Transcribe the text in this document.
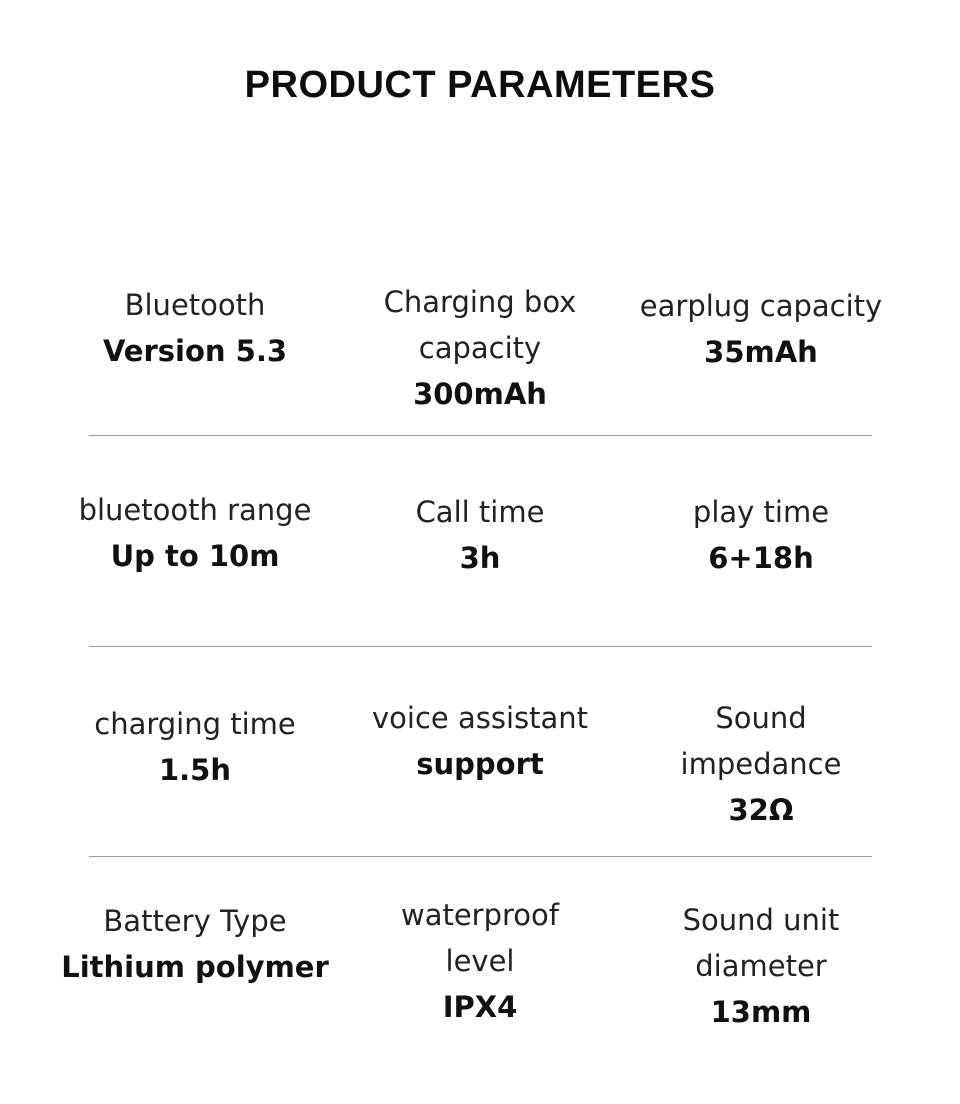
PRODUCT PARAMETERS
Bluetooth
Version 5.3
Charging box
capacity
300mAh
earplug capacity
35mAh
bluetooth range
Up to 10m
Call time
3h
play time
6+18h
charging time
1.5h
voice assistant
support
Sound
impedance
32Ω
Battery Type
Lithium polymer
waterproof
level
IPX4
Sound unit
diameter
13mm
